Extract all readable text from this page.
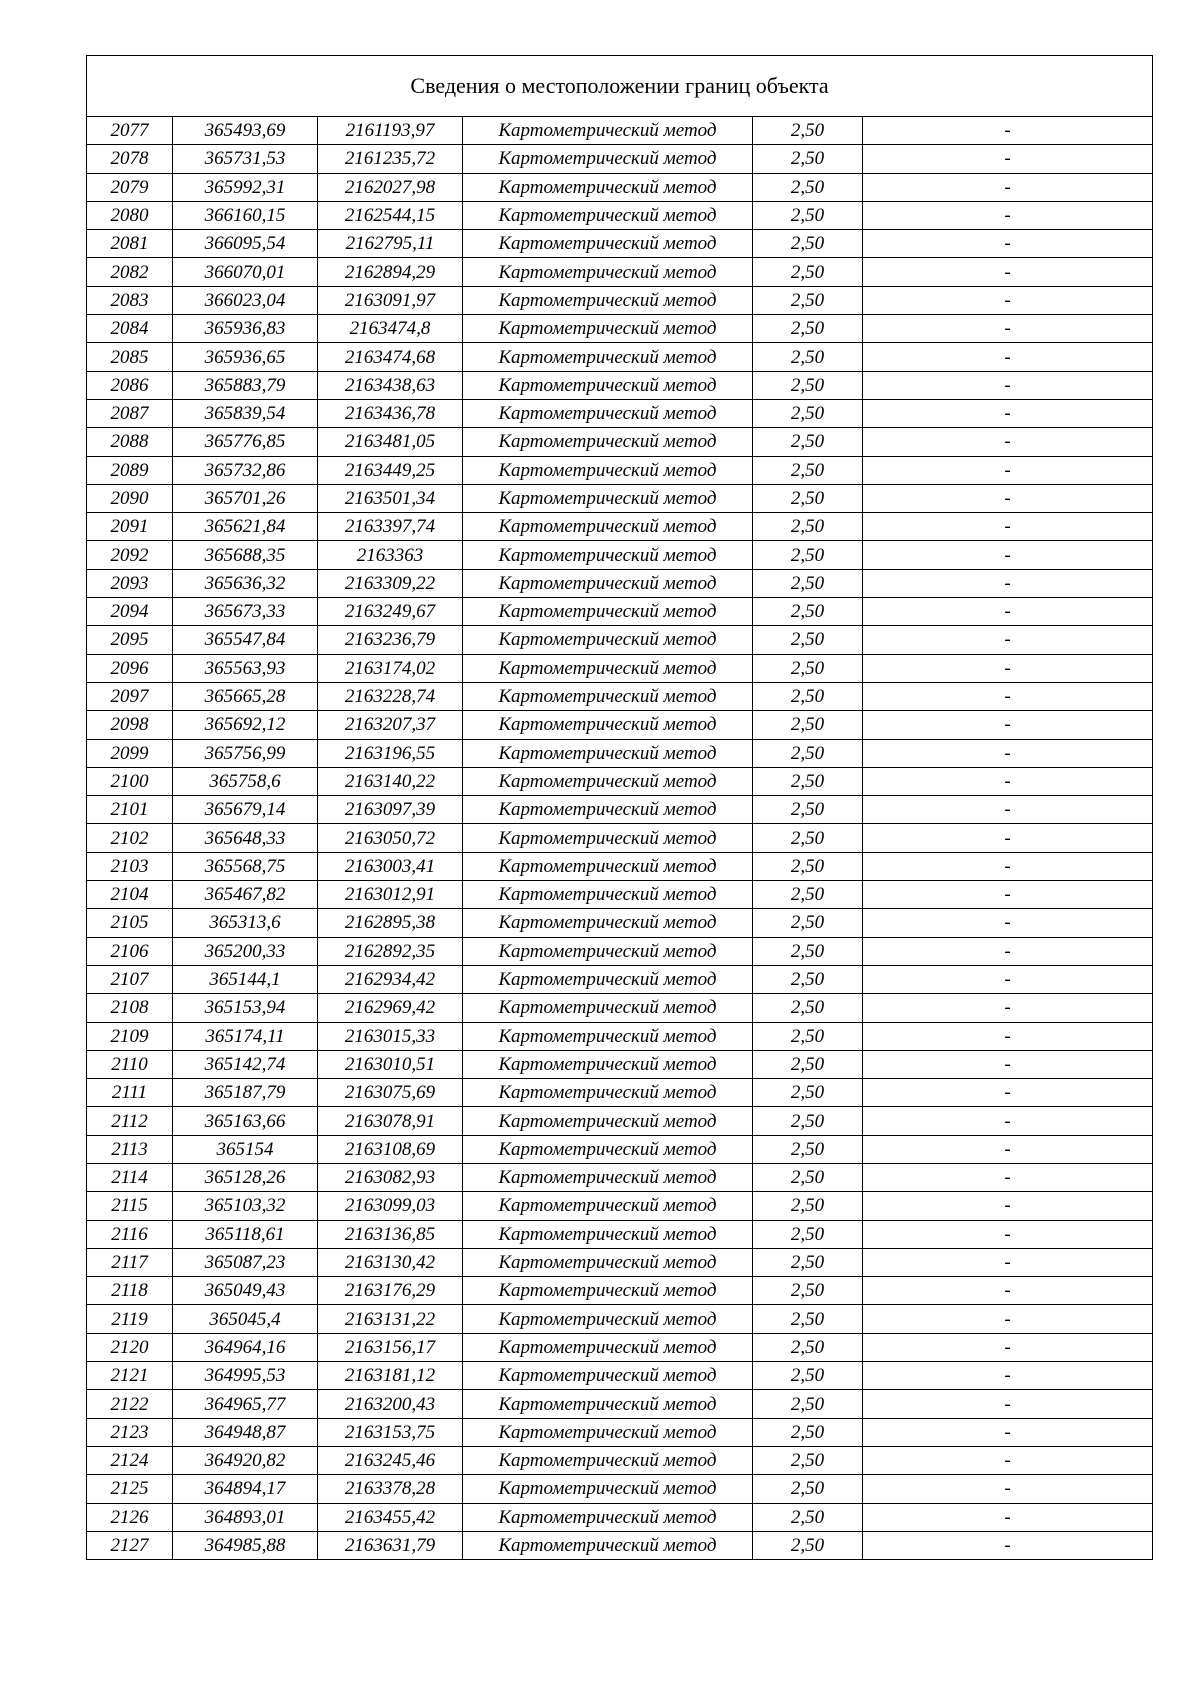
Сведения о местоположении границ объекта					
2077	365493,69	2161193,97	Картометрический метод	2,50	-
2078	365731,53	2161235,72	Картометрический метод	2,50	-
2079	365992,31	2162027,98	Картометрический метод	2,50	-
2080	366160,15	2162544,15	Картометрический метод	2,50	-
2081	366095,54	2162795,11	Картометрический метод	2,50	-
2082	366070,01	2162894,29	Картометрический метод	2,50	-
2083	366023,04	2163091,97	Картометрический метод	2,50	-
2084	365936,83	2163474,8	Картометрический метод	2,50	-
2085	365936,65	2163474,68	Картометрический метод	2,50	-
2086	365883,79	2163438,63	Картометрический метод	2,50	-
2087	365839,54	2163436,78	Картометрический метод	2,50	-
2088	365776,85	2163481,05	Картометрический метод	2,50	-
2089	365732,86	2163449,25	Картометрический метод	2,50	-
2090	365701,26	2163501,34	Картометрический метод	2,50	-
2091	365621,84	2163397,74	Картометрический метод	2,50	-
2092	365688,35	2163363	Картометрический метод	2,50	-
2093	365636,32	2163309,22	Картометрический метод	2,50	-
2094	365673,33	2163249,67	Картометрический метод	2,50	-
2095	365547,84	2163236,79	Картометрический метод	2,50	-
2096	365563,93	2163174,02	Картометрический метод	2,50	-
2097	365665,28	2163228,74	Картометрический метод	2,50	-
2098	365692,12	2163207,37	Картометрический метод	2,50	-
2099	365756,99	2163196,55	Картометрический метод	2,50	-
2100	365758,6	2163140,22	Картометрический метод	2,50	-
2101	365679,14	2163097,39	Картометрический метод	2,50	-
2102	365648,33	2163050,72	Картометрический метод	2,50	-
2103	365568,75	2163003,41	Картометрический метод	2,50	-
2104	365467,82	2163012,91	Картометрический метод	2,50	-
2105	365313,6	2162895,38	Картометрический метод	2,50	-
2106	365200,33	2162892,35	Картометрический метод	2,50	-
2107	365144,1	2162934,42	Картометрический метод	2,50	-
2108	365153,94	2162969,42	Картометрический метод	2,50	-
2109	365174,11	2163015,33	Картометрический метод	2,50	-
2110	365142,74	2163010,51	Картометрический метод	2,50	-
2111	365187,79	2163075,69	Картометрический метод	2,50	-
2112	365163,66	2163078,91	Картометрический метод	2,50	-
2113	365154	2163108,69	Картометрический метод	2,50	-
2114	365128,26	2163082,93	Картометрический метод	2,50	-
2115	365103,32	2163099,03	Картометрический метод	2,50	-
2116	365118,61	2163136,85	Картометрический метод	2,50	-
2117	365087,23	2163130,42	Картометрический метод	2,50	-
2118	365049,43	2163176,29	Картометрический метод	2,50	-
2119	365045,4	2163131,22	Картометрический метод	2,50	-
2120	364964,16	2163156,17	Картометрический метод	2,50	-
2121	364995,53	2163181,12	Картометрический метод	2,50	-
2122	364965,77	2163200,43	Картометрический метод	2,50	-
2123	364948,87	2163153,75	Картометрический метод	2,50	-
2124	364920,82	2163245,46	Картометрический метод	2,50	-
2125	364894,17	2163378,28	Картометрический метод	2,50	-
2126	364893,01	2163455,42	Картометрический метод	2,50	-
2127	364985,88	2163631,79	Картометрический метод	2,50	-
